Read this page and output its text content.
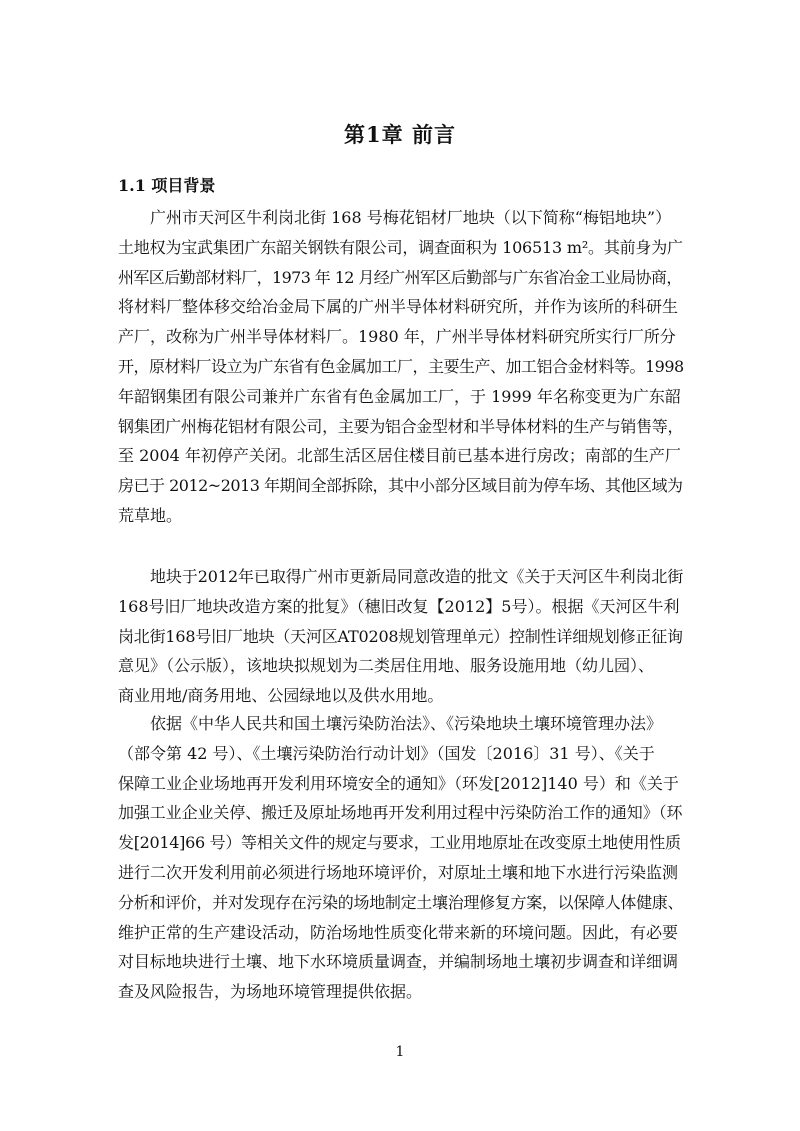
第1章 前言
1.1 项目背景
广州市天河区牛利岗北街 168 号梅花铝材厂地块（以下简称“梅铝地块”）
土地权为宝武集团广东韶关钢铁有限公司，调查面积为 106513 m²。其前身为广
州军区后勤部材料厂，1973 年 12 月经广州军区后勤部与广东省冶金工业局协商，
将材料厂整体移交给冶金局下属的广州半导体材料研究所，并作为该所的科研生
产厂，改称为广州半导体材料厂。1980 年，广州半导体材料研究所实行厂所分
开，原材料厂设立为广东省有色金属加工厂，主要生产、加工铝合金材料等。1998
年韶钢集团有限公司兼并广东省有色金属加工厂，于 1999 年名称变更为广东韶
钢集团广州梅花铝材有限公司，主要为铝合金型材和半导体材料的生产与销售等，
至 2004 年初停产关闭。北部生活区居住楼目前已基本进行房改；南部的生产厂
房已于 2012~2013 年期间全部拆除，其中小部分区域目前为停车场、其他区域为
荒草地。
地块于2012年已取得广州市更新局同意改造的批文《关于天河区牛利岗北街
168号旧厂地块改造方案的批复》（穗旧改复【2012】5号）。根据《天河区牛利
岗北街168号旧厂地块（天河区AT0208规划管理单元）控制性详细规划修正征询
意见》（公示版），该地块拟规划为二类居住用地、服务设施用地（幼儿园）、
商业用地/商务用地、公园绿地以及供水用地。
依据《中华人民共和国土壤污染防治法》、《污染地块土壤环境管理办法》
（部令第 42 号）、《土壤污染防治行动计划》（国发〔2016〕31 号）、《关于
保障工业企业场地再开发利用环境安全的通知》（环发[2012]140 号）和《关于
加强工业企业关停、搬迁及原址场地再开发利用过程中污染防治工作的通知》（环
发[2014]66 号）等相关文件的规定与要求，工业用地原址在改变原土地使用性质
进行二次开发利用前必须进行场地环境评价，对原址土壤和地下水进行污染监测
分析和评价，并对发现存在污染的场地制定土壤治理修复方案，以保障人体健康、
维护正常的生产建设活动，防治场地性质变化带来新的环境问题。因此，有必要
对目标地块进行土壤、地下水环境质量调查，并编制场地土壤初步调查和详细调
查及风险报告，为场地环境管理提供依据。
1
